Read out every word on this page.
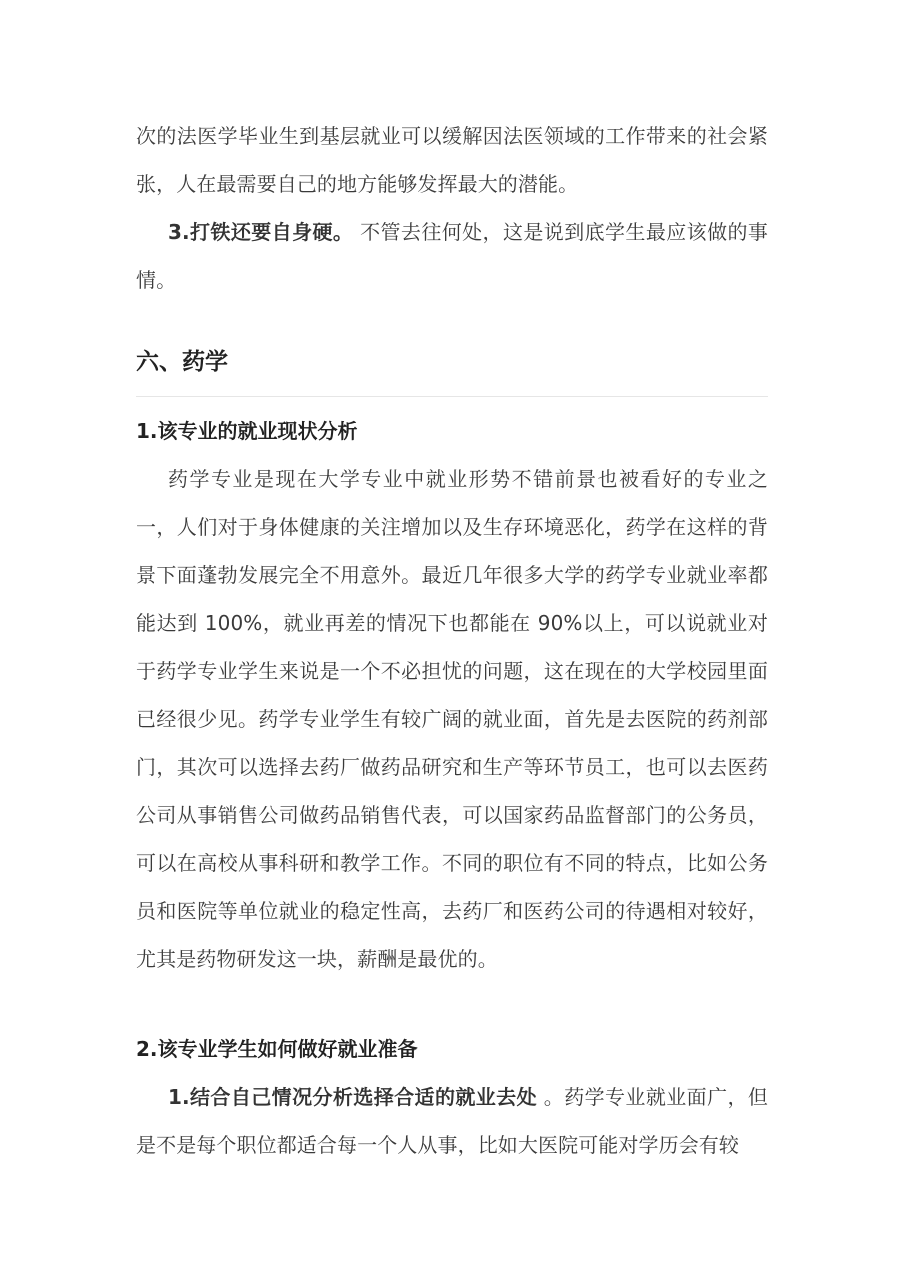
次的法医学毕业生到基层就业可以缓解因法医领域的工作带来的社会紧张，人在最需要自己的地方能够发挥最大的潜能。

3.打铁还要自身硬。 不管去往何处，这是说到底学生最应该做的事情。

六、药学
1.该专业的就业现状分析

药学专业是现在大学专业中就业形势不错前景也被看好的专业之一，人们对于身体健康的关注增加以及生存环境恶化，药学在这样的背景下面蓬勃发展完全不用意外。最近几年很多大学的药学专业就业率都能达到 100%，就业再差的情况下也都能在 90%以上，可以说就业对于药学专业学生来说是一个不必担忧的问题，这在现在的大学校园里面已经很少见。药学专业学生有较广阔的就业面，首先是去医院的药剂部门，其次可以选择去药厂做药品研究和生产等环节员工，也可以去医药公司从事销售公司做药品销售代表，可以国家药品监督部门的公务员，可以在高校从事科研和教学工作。不同的职位有不同的特点，比如公务员和医院等单位就业的稳定性高，去药厂和医药公司的待遇相对较好，尤其是药物研发这一块，薪酬是最优的。

2.该专业学生如何做好就业准备

1.结合自己情况分析选择合适的就业去处 。药学专业就业面广，但是不是每个职位都适合每一个人从事，比如大医院可能对学历会有较
